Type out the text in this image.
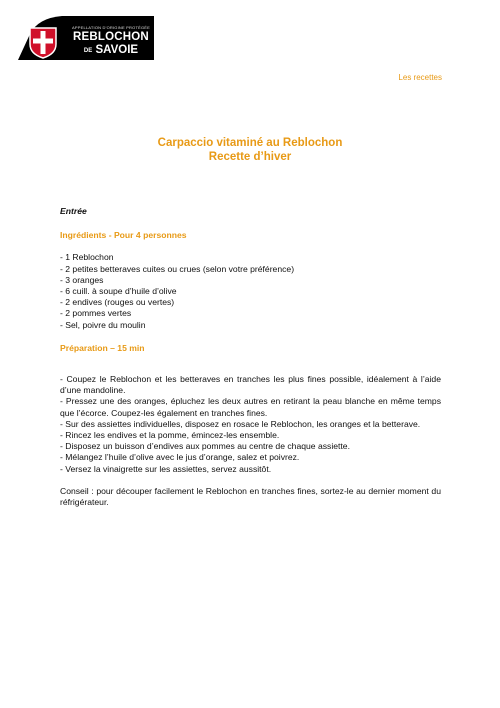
APPELLATION D'ORIGINE PROTÉGÉE
REBLOCHON
DE SAVOIE
Les recettes
Carpaccio vitaminé au Reblochon
Recette d’hiver

Entrée

Ingrédients - Pour 4 personnes

- 1 Reblochon
- 2 petites betteraves cuites ou crues (selon votre préférence)
- 3 oranges
- 6 cuill. à soupe d’huile d’olive
- 2 endives (rouges ou vertes)
- 2 pommes vertes
- Sel, poivre du moulin

Préparation – 15 min

- Coupez le Reblochon et les betteraves en tranches les plus fines possible, idéalement à l’aide d’une mandoline.
- Pressez une des oranges, épluchez les deux autres en retirant la peau blanche en même temps que l’écorce. Coupez-les également en tranches fines.
- Sur des assiettes individuelles, disposez en rosace le Reblochon, les oranges et la betterave.
- Rincez les endives et la pomme, émincez-les ensemble.
- Disposez un buisson d’endives aux pommes au centre de chaque assiette.
- Mélangez l’huile d’olive avec le jus d’orange, salez et poivrez.
- Versez la vinaigrette sur les assiettes, servez aussitôt.

Conseil : pour découper facilement le Reblochon en tranches fines, sortez-le au dernier moment du réfrigérateur.
